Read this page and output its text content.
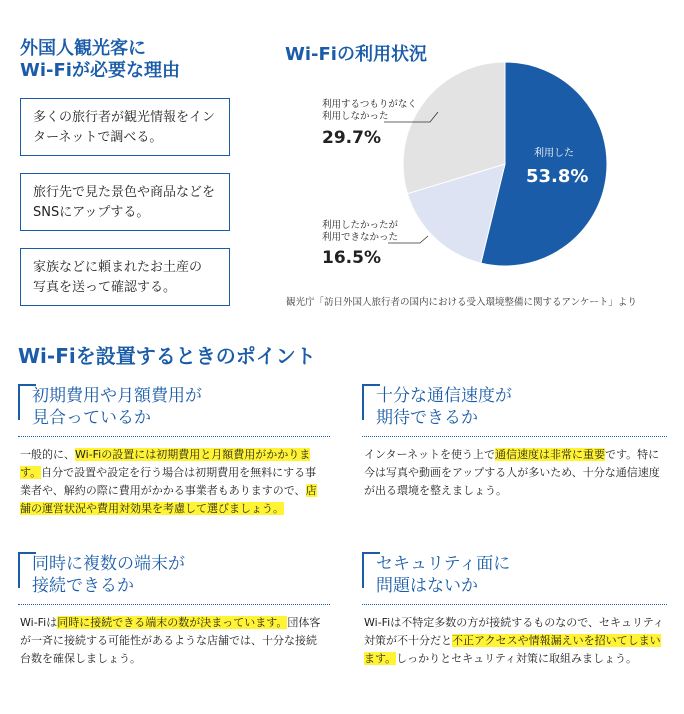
外国人観光客に
Wi-Fiが必要な理由
多くの旅行者が観光情報をイン
ターネットで調べる。
旅行先で見た景色や商品などを
SNSにアップする。
家族などに頼まれたお土産の
写真を送って確認する。
Wi-Fiの利用状況
利用した
53.8%
利用するつもりがなく
利用しなかった
29.7%
利用したかったが
利用できなかった
16.5%
観光庁「訪日外国人旅行者の国内における受入環境整備に関するアンケート」より
Wi-Fiを設置するときのポイント
初期費用や月額費用が
見合っているか
一般的に、Wi-Fiの設置には初期費用と月額費用がかかります。自分で設置や設定を行う場合は初期費用を無料にする事業者や、解約の際に費用がかかる事業者もありますので、店舗の運営状況や費用対効果を考慮して選びましょう。
十分な通信速度が
期待できるか
インターネットを使う上で通信速度は非常に重要です。特に今は写真や動画をアップする人が多いため、十分な通信速度が出る環境を整えましょう。
同時に複数の端末が
接続できるか
Wi-Fiは同時に接続できる端末の数が決まっています。団体客が一斉に接続する可能性があるような店舗では、十分な接続台数を確保しましょう。
セキュリティ面に
問題はないか
Wi-Fiは不特定多数の方が接続するものなので、セキュリティ対策が不十分だと不正アクセスや情報漏えいを招いてしまいます。しっかりとセキュリティ対策に取組みましょう。
